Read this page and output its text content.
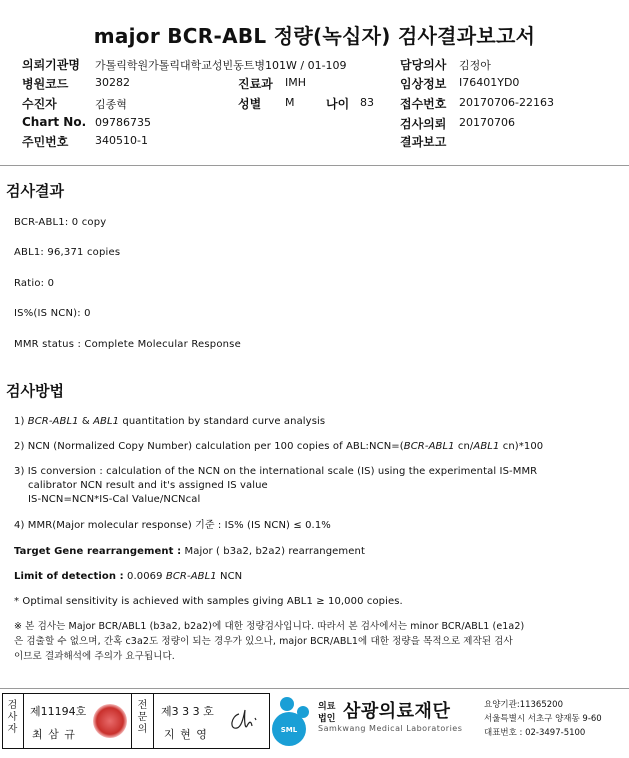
major BCR-ABL 정량(녹십자) 검사결과보고서
의뢰기관명 가톨릭학원가톨릭대학교성빈동트병101W / 01-109
병원코드 30282	진료과 IMH
수진자	김종혁	성별 M	나이 83
Chart No. 09786735
주민번호 340510-1
담당의사 김정아
임상정보 I76401YD0
접수번호 20170706-22163
검사의뢰 20170706
결과보고
검사결과
BCR-ABL1: 0 copy
ABL1: 96,371 copies
Ratio: 0
IS%(IS NCN): 0
MMR status : Complete Molecular Response
검사방법
1) BCR-ABL1 & ABL1 quantitation by standard curve analysis
2) NCN (Normalized Copy Number) calculation per 100 copies of ABL:NCN=(BCR-ABL1 cn/ABL1 cn)*100
3) IS conversion : calculation of the NCN on the international scale (IS) using the experimental IS-MMR
calibrator NCN result and it's assigned IS value
IS-NCN=NCN*IS-Cal Value/NCNcal
4) MMR(Major molecular response) 기준 : IS% (IS NCN) ≤ 0.1%
Target Gene rearrangement : Major ( b3a2, b2a2) rearrangement
Limit of detection : 0.0069 BCR-ABL1 NCN
* Optimal sensitivity is achieved with samples giving ABL1 ≥ 10,000 copies.
※ 본 검사는 Major BCR/ABL1 (b3a2, b2a2)에 대한 정량검사입니다. 따라서 본 검사에서는 minor BCR/ABL1 (e1a2)
은 검출할 수 없으며, 간혹 c3a2도 정량이 되는 경우가 있으나, major BCR/ABL1에 대한 정량을 목적으로 제작된 검사
이므로 결과해석에 주의가 요구됩니다.
검사자
제11194호
최 삼 규
전문의
제3 3 3 호
지 현 영	SML
의료
법인 삼광의료재단
Samkwang Medical Laboratories
요양기관:11365200
서울특별시 서초구 양재동 9-60
대표번호 : 02-3497-5100
